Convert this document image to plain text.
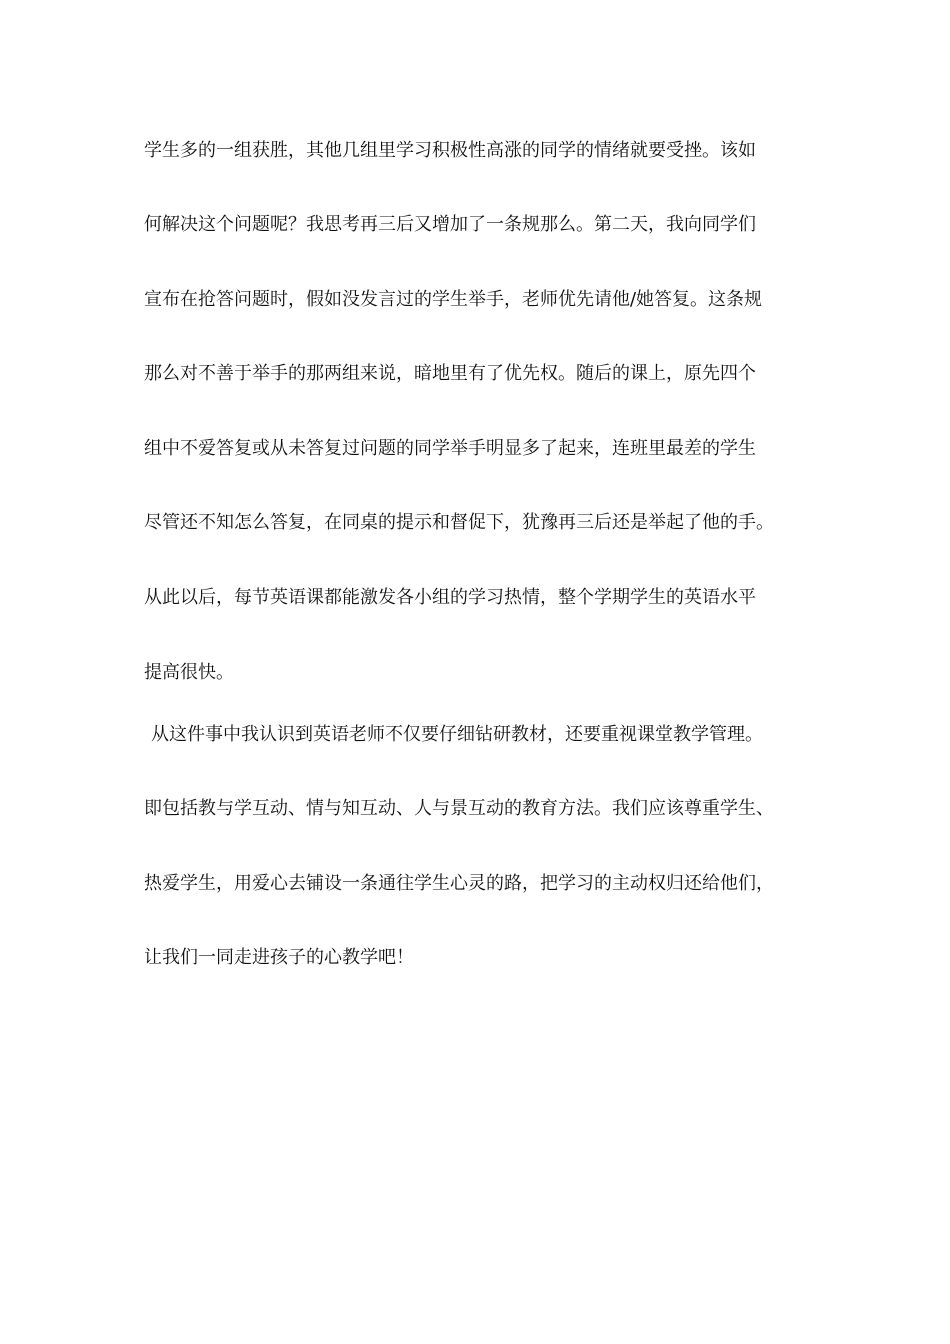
学生多的一组获胜，其他几组里学习积极性高涨的同学的情绪就要受挫。该如
何解决这个问题呢？我思考再三后又增加了一条规那么。第二天，我向同学们
宣布在抢答问题时，假如没发言过的学生举手，老师优先请他/她答复。这条规
那么对不善于举手的那两组来说，暗地里有了优先权。随后的课上，原先四个
组中不爱答复或从未答复过问题的同学举手明显多了起来，连班里最差的学生
尽管还不知怎么答复，在同桌的提示和督促下，犹豫再三后还是举起了他的手。
从此以后，每节英语课都能激发各小组的学习热情，整个学期学生的英语水平
提高很快。
从这件事中我认识到英语老师不仅要仔细钻研教材，还要重视课堂教学管理。
即包括教与学互动、情与知互动、人与景互动的教育方法。我们应该尊重学生、
热爱学生，用爱心去铺设一条通往学生心灵的路，把学习的主动权归还给他们，
让我们一同走进孩子的心教学吧！
